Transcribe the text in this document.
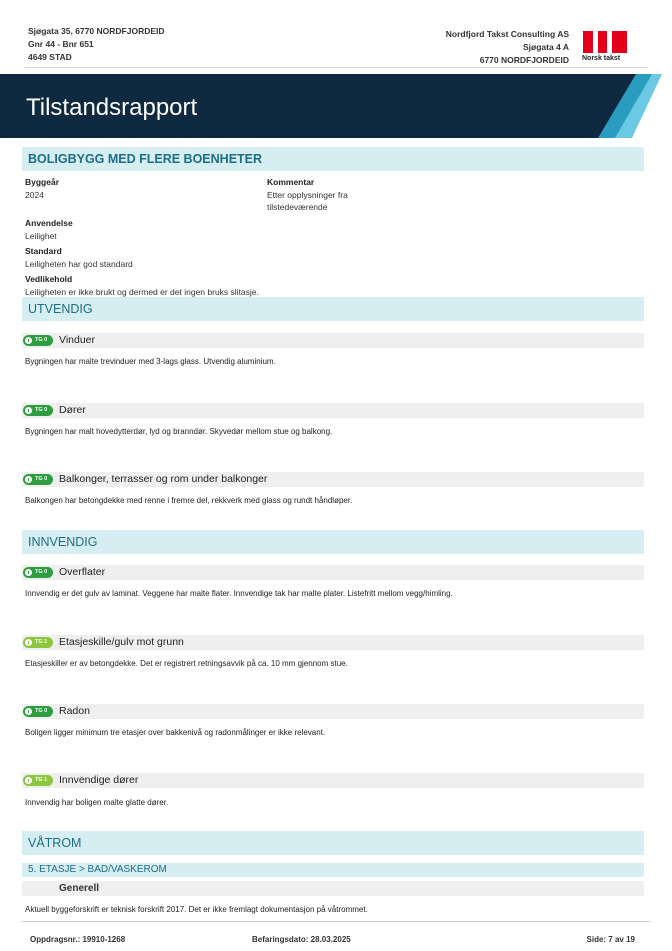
Sjøgata 35, 6770 NORDFJORDEID
Gnr 44 - Bnr 651
4649 STAD
Nordfjord Takst Consulting AS
Sjøgata 4 A
6770 NORDFJORDEID Norsk takst
Tilstandsrapport
BOLIGBYGG MED FLERE BOENHETER
Byggeår
2024
Kommentar
Etter opplysninger fra
tilstedeværende
Anvendelse
Leilighet
Standard
Leiligheten har god standard
Vedlikehold
Leiligheten er ikke brukt og dermed er det ingen bruks slitasje.
UTVENDIG
TG 0	Vinduer
Bygningen har malte trevinduer med 3-lags glass. Utvendig aluminium.
TG 0	Dører
Bygningen har malt hovedytterdør, lyd og branndør. Skyvedør mellom stue og balkong.
TG 0	Balkonger, terrasser og rom under balkonger
Balkongen har betongdekke med renne i fremre del, rekkverk med glass og rundt håndløper.
INNVENDIG
TG 0	Overflater
Innvendig er det gulv av laminat. Veggene har malte flater. Innvendige tak har malte plater. Listefritt mellom vegg/himling.
TG 1	Etasjeskille/gulv mot grunn
Etasjeskiller er av betongdekke. Det er registrert retningsavvik på ca. 10 mm gjennom stue.
TG 0	Radon
Boligen ligger minimum tre etasjer over bakkenivå og radonmålinger er ikke relevant.
TG 1	Innvendige dører
Innvendig har boligen malte glatte dører.
VÅTROM
5. ETASJE > BAD/VASKEROM
Generell
Aktuell byggeforskrift er teknisk forskrift 2017. Det er ikke fremlagt dokumentasjon på våtrommet.
Oppdragsnr.: 19910-1268	Befaringsdato: 28.03.2025	Side: 7 av 19
